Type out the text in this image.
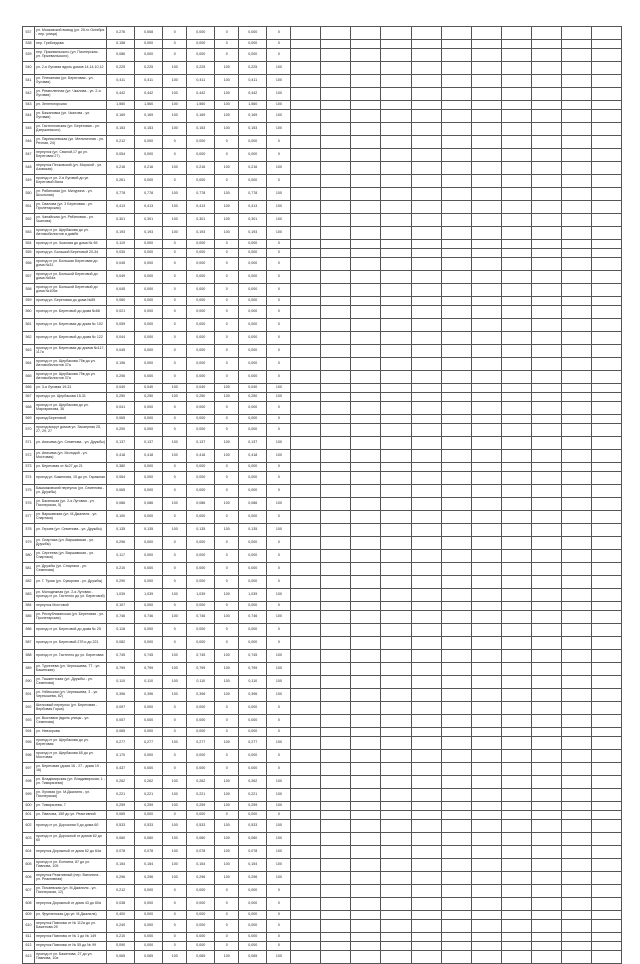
537	ул. Московской вывод (ул. 25-го Октября - пер. улица)	0,276	0,508	0	0,000	0	0,000	0											
538	пер. Грибоедова	0,158	0,000	0	0,000	0	0,000	0											
539	пер. Пржевальского (ул. Пионерская - ул. Пржевальского)	0,086	0,000	0	0,000	0	0,000	0											
540	ул. 2-я Луговая вдоль домов 14,14,10,12	0,225	0,225	100	0,225	100	0,225	100											
541	ул. Плеханова (ул. Береговая - ул. Луговая)	0,411	0,411	100	0,411	100	0,411	100											
542	ул. Ремесленная (ул. Чкалова - ул. 2-я Луговая)	0,442	0,442	100	0,442	100	0,442	100											
543	ул. Зеленогорская	1,560	1,560	100	1,560	100	1,560	100											
544	ул. Бажановка (ул. Чкалова - ул. Луговая)	0,169	0,169	100	0,169	100	0,169	100											
545	ул. Гастелловская (ул. Береговая - ул. Дзержинского)	0,153	0,153	100	0,153	100	0,153	100											
546	ул. Парникоевская (ул. Мельничная - ул. Речная, 24)	0,212	0,000	0	0,000	0	0,000	0											
547	переулок (ул. Свалой,17 до ул. Береговая 27)	0,054	0,000	0	0,000	0	0,000	0											
548	переулок Песковский (ул. Морской - ул. Азовская)	0,216	0,216	100	0,216	100	0,216	100											
549	проезд от ул. 2-я Луговой до ул. Береговой Вала	0,261	0,000	0	0,000	0	0,000	0											
550	ул. Рябиновая (ул. Мичурина - ул. Школьная)	0,778	0,778	100	0,778	100	0,778	100											
551	ул. Свалова (ул. 3 Береговая - ул. Пролетарская)	0,413	0,413	100	0,413	100	0,413	100											
552	ул. Чапайская (ул. Рябиновая - ул. Чкалова)	0,301	0,301	100	0,301	100	0,301	100											
553	проезд от ул. Щербакова до ул. Автомобилистов и дамбе	0,193	0,193	100	0,193	100	0,193	100											
554	проезд от ул. Чкалова до дома № 65	0,119	0,000	0	0,000	0	0,000	0											
555	проезд ул. Большой Береговой 20-34	0,030	0,000	0	0,000	0	0,000	0											
556	проезд от ул. Большая Береговая до дома №31	0,045	0,000	0	0,000	0	0,000	0											
557	проезд от ул. Большой Береговой до дома №54а	0,049	0,000	0	0,000	0	0,000	0											
558	проезд от ул. Большой Береговой до дома №109а	0,045	0,000	0	0,000	0	0,000	0											
559	проезд ул. Береговая до дома №85	0,060	0,000	0	0,000	0	0,000	0											
560	проезд от ул. Береговой до дома №68	0,021	0,000	0	0,000	0	0,000	0											
561	проезд от ул. Береговая до дома № 102	0,059	0,000	0	0,000	0	0,000	0											
562	проезд от ул. Береговой до дома № 122	0,044	0,000	0	0,000	0	0,000	0											
563	проезд от ул. Береговая до домов №117, 117а	0,045	0,000	0	0,000	0	0,000	0											
564	проезд от ул. Щербакова 75в до ул. Автомобилистов 37а	0,196	0,000	0	0,000	0	0,000	0											
565	проезд от ул. Щербакова 75в до ул. Автомобилистов 37а	0,206	0,000	0	0,000	0	0,000	0											
566	ул. 3-я Луговая 19-31	0,040	0,040	100	0,040	100	0,040	100											
567	проезд к ул. Щербакова 15-31	0,250	0,250	100	0,250	100	0,250	100											
568	проезд от ул. Щербакова до ул. Маргаринова, 36	0,041	0,000	0	0,000	0	0,000	0											
569	проезд Береговой	0,065	0,000	0	0,000	0	0,000	0											
570	проезд вокруг домов ул. Заозерная 25, 27, 29, 27	0,200	0,000	0	0,000	0	0,000	0											
571	ул. Анисима (ул. Семенова - ул. Дружбы)	0,137	0,137	100	0,137	100	0,137	100											
572	ул. Анисима (ул. Молодой - ул. Мостовая)	0,418	0,418	100	0,418	100	0,418	100											
573	ул. Береговая от №27 до 21	0,380	0,000	0	0,000	0	0,000	0											
574	проезд ул. Баженова, 15 до ул. Гаражная	0,064	0,000	0	0,000	0	0,000	0											
575	Башмаковский переулок (ул. Семенова - ул. Дружбы)	0,065	0,000	0	0,000	0	0,000	0											
576	ул. Бакинская (ул. 2-я Луговая - ул. Пионерская, 5)	0,086	0,086	100	0,086	100	0,086	100											
577	ул. Варшавская (ул. М.Джалиля - ул. Спартака)	0,100	0,000	0	0,000	0	0,000	0											
578	ул. Героев (ул. Семенова - ул. Дружбы)	0,135	0,135	100	0,135	100	0,135	100											
579	ул. Спартака (ул. Варшавская - ул. Дружбы)	0,296	0,000	0	0,000	0	0,000	0											
580	ул. Сергеева (ул. Варшавская - ул. Спартака)	0,117	0,000	0	0,000	0	0,000	0											
581	ул. Дружбы (ул. Спартака - ул. Семенова)	0,210	0,000	0	0,000	0	0,000	0											
582	ул. Г. Тукая (ул. Суворова - ул. Дружбы)	0,290	0,000	0	0,000	0	0,000	0											
583	ул. Молодежная (ул. 2-я Луговая - проезд от ул. Гастелло до ул. Береговой)	1,039	1,039	100	1,039	100	1,039	100											
584	переулок Мостовой	0,107	0,000	0	0,000	0	0,000	0											
585	ул. Республиканская (ул. Береговая - ул. Пролетарская)	0,746	0,746	100	0,746	100	0,746	100											
586	проезд от ул. Береговой до дома № 25	0,118	0,000	0	0,000	0	0,000	0											
587	проезд от ул. Береговой 27б и до 221	0,082	0,000	0	0,000	0	0,000	0											
588	проезд от ул. Гастелло до ул. Береговая	0,745	0,745	100	0,745	100	0,745	100											
589	ул. Тургенева (ул. Чернышева, 77 - ул. Бакинская)	0,799	0,799	100	0,799	100	0,799	100											
590	ул. Ташкентская (ул. Дружбы - ул. Семенова)	0,110	0,110	100	0,110	100	0,110	100											
591	ул. Узбекская (ул. Чернышева, 3 - ул. Чернышева, 82)	0,396	0,396	100	0,396	100	0,396	100											
592	Шелковый переулок (ул. Береговая - Вербовая Горка)	0,097	0,000	0	0,000	0	0,000	0											
593	ул. Выставка (вдоль улицы - ул. Семенова)	0,057	0,000	0	0,000	0	0,000	0											
594	ул. Невзорова	0,065	0,000	0	0,000	0	0,000	0											
595	проезд от ул. Щербакова до ул. Береговая	0,277	0,277	100	0,277	100	0,277	100											
596	проезд от ул. Щербакова 65 до ул. Мостовая	0,170	0,000	0	0,000	0	0,000	0											
597	ул. Береговая (дома 16 - 27 - дома 19 - 16)	0,437	0,000	0	0,000	0	0,000	0											
598	ул. Владимирская (ул. Владимирская, 1 - ул. Тимирязева)	0,262	0,262	100	0,262	100	0,262	100											
599	ул. Луговая (ул. М.Джалиля - ул. Пионерская)	0,221	0,221	100	0,221	100	0,221	100											
600	ул. Тимирязева, 7	0,259	0,259	100	0,259	100	0,259	100											
601	ул. Павлова, 15б до ул. Реактивной	0,065	0,000	0	0,000	0	0,000	0											
602	проезд от ул. Дорожная 5 до дома 60	0,533	0,533	100	0,533	100	0,533	100											
603	проезд от ул. Дорожной от домов 62 до 60	0,060	0,060	100	0,060	100	0,060	100											
604	переулок Дорожный от дома 62 до 64а	0,078	0,078	100	0,078	100	0,078	100											
605	проезд от ул. Есенина, 87 до ул. Павлова, 105	0,154	0,154	100	0,154	100	0,154	100											
606	переулок Реактивный (пер. Ватолина - ул. Реактивная)	0,296	0,296	100	0,296	100	0,296	100											
607	ул. Почаевская (ул. М.Джалиля - ул. Пионерская, 12)	0,212	0,000	0	0,000	0	0,000	0											
608	переулок Дорожный от дома 43 до 60а	0,038	0,000	0	0,000	0	0,000	0											
609	ул. Фрунзенская (до ул. М.Джалиля)	0,400	0,000	0	0,000	0	0,000	0											
610	переулок Павлова от № 112а до ул. Баженова 2б	0,240	0,000	0	0,000	0	0,000	0											
611	переулок Павлова от № 1 до № 149	0,210	0,000	0	0,000	0	0,000	0											
612	переулок Павлова от № 55 до № 99	0,090	0,000	0	0,000	0	0,000	0											
613	проезд от ул. Баженова, 27 до ул. Павлова, 10а	0,065	0,065	100	0,065	100	0,065	100											
